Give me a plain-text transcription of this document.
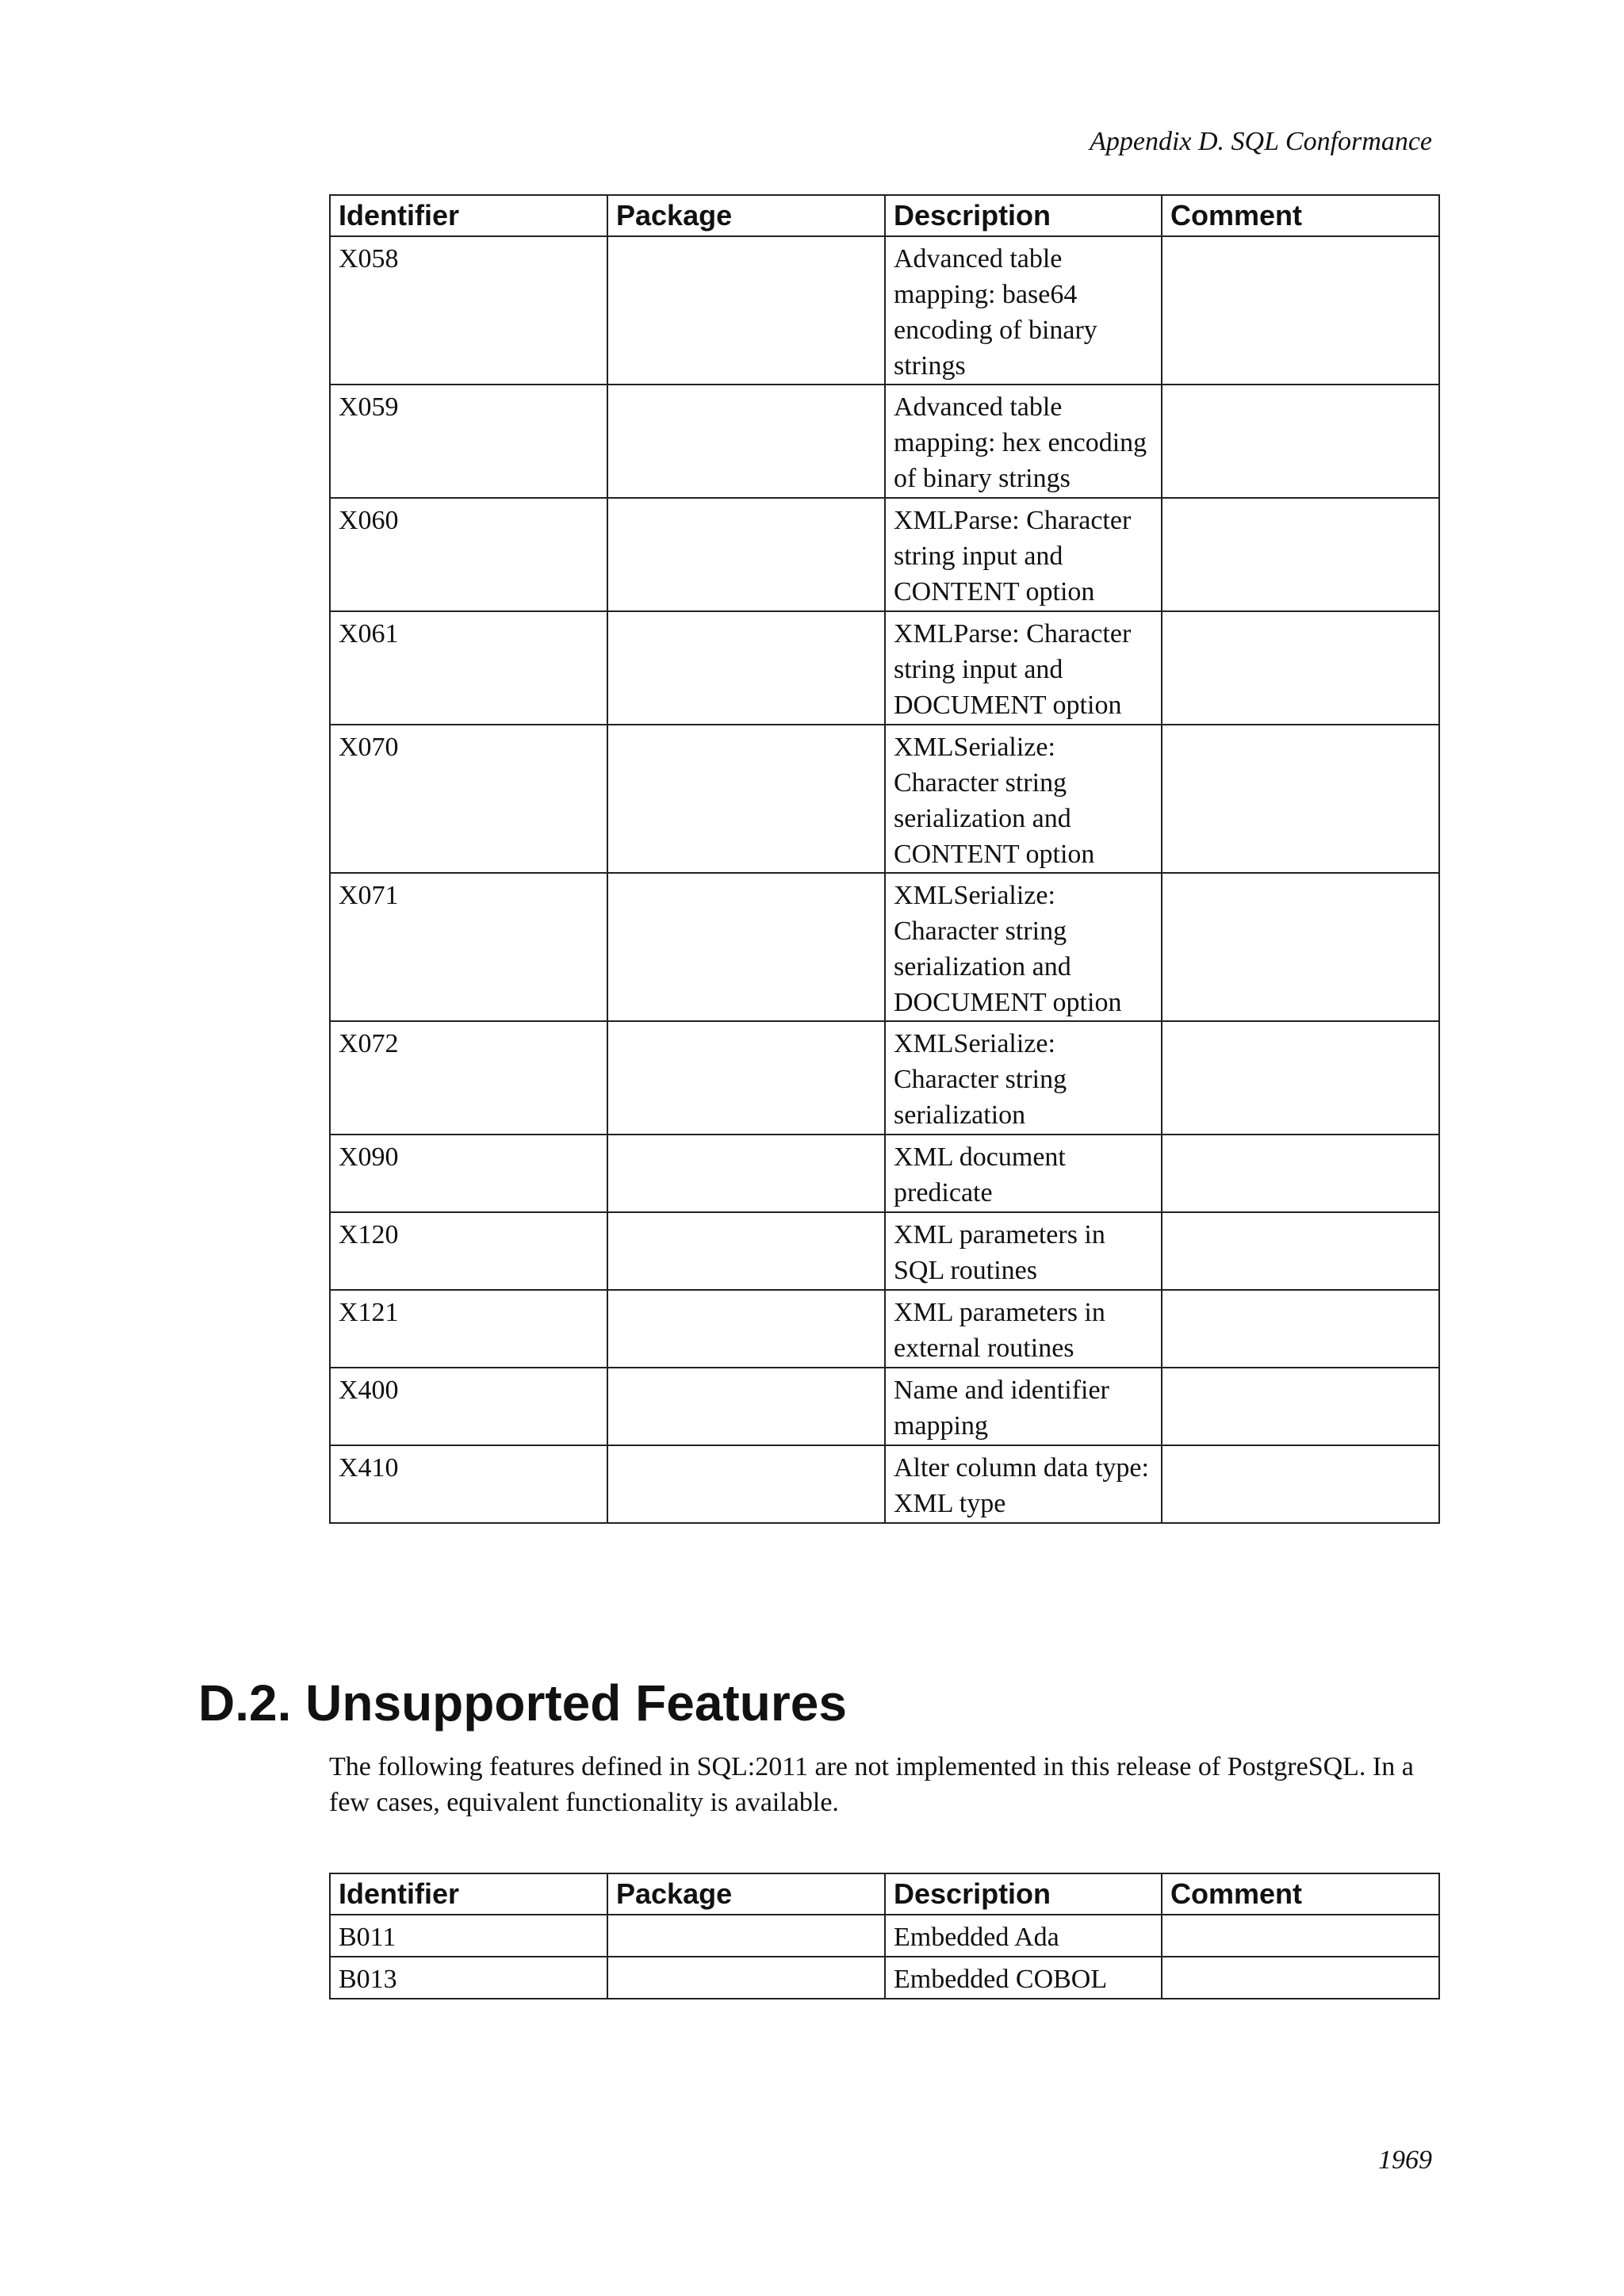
Appendix D. SQL Conformance
Identifier	Package	Description	Comment
X058		Advanced table mapping: base64 encoding of binary strings	
X059		Advanced table mapping: hex encoding of binary strings	
X060		XMLParse: Character string input and CONTENT option	
X061		XMLParse: Character string input and DOCUMENT option	
X070		XMLSerialize: Character string serialization and CONTENT option	
X071		XMLSerialize: Character string serialization and DOCUMENT option	
X072		XMLSerialize: Character string serialization	
X090		XML document predicate	
X120		XML parameters in SQL routines	
X121		XML parameters in external routines	
X400		Name and identifier mapping	
X410		Alter column data type: XML type	
D.2. Unsupported Features

The following features defined in SQL:2011 are not implemented in this release of PostgreSQL. In a few cases, equivalent functionality is available.

Identifier	Package	Description	Comment
B011		Embedded Ada	
B013		Embedded COBOL	
1969
